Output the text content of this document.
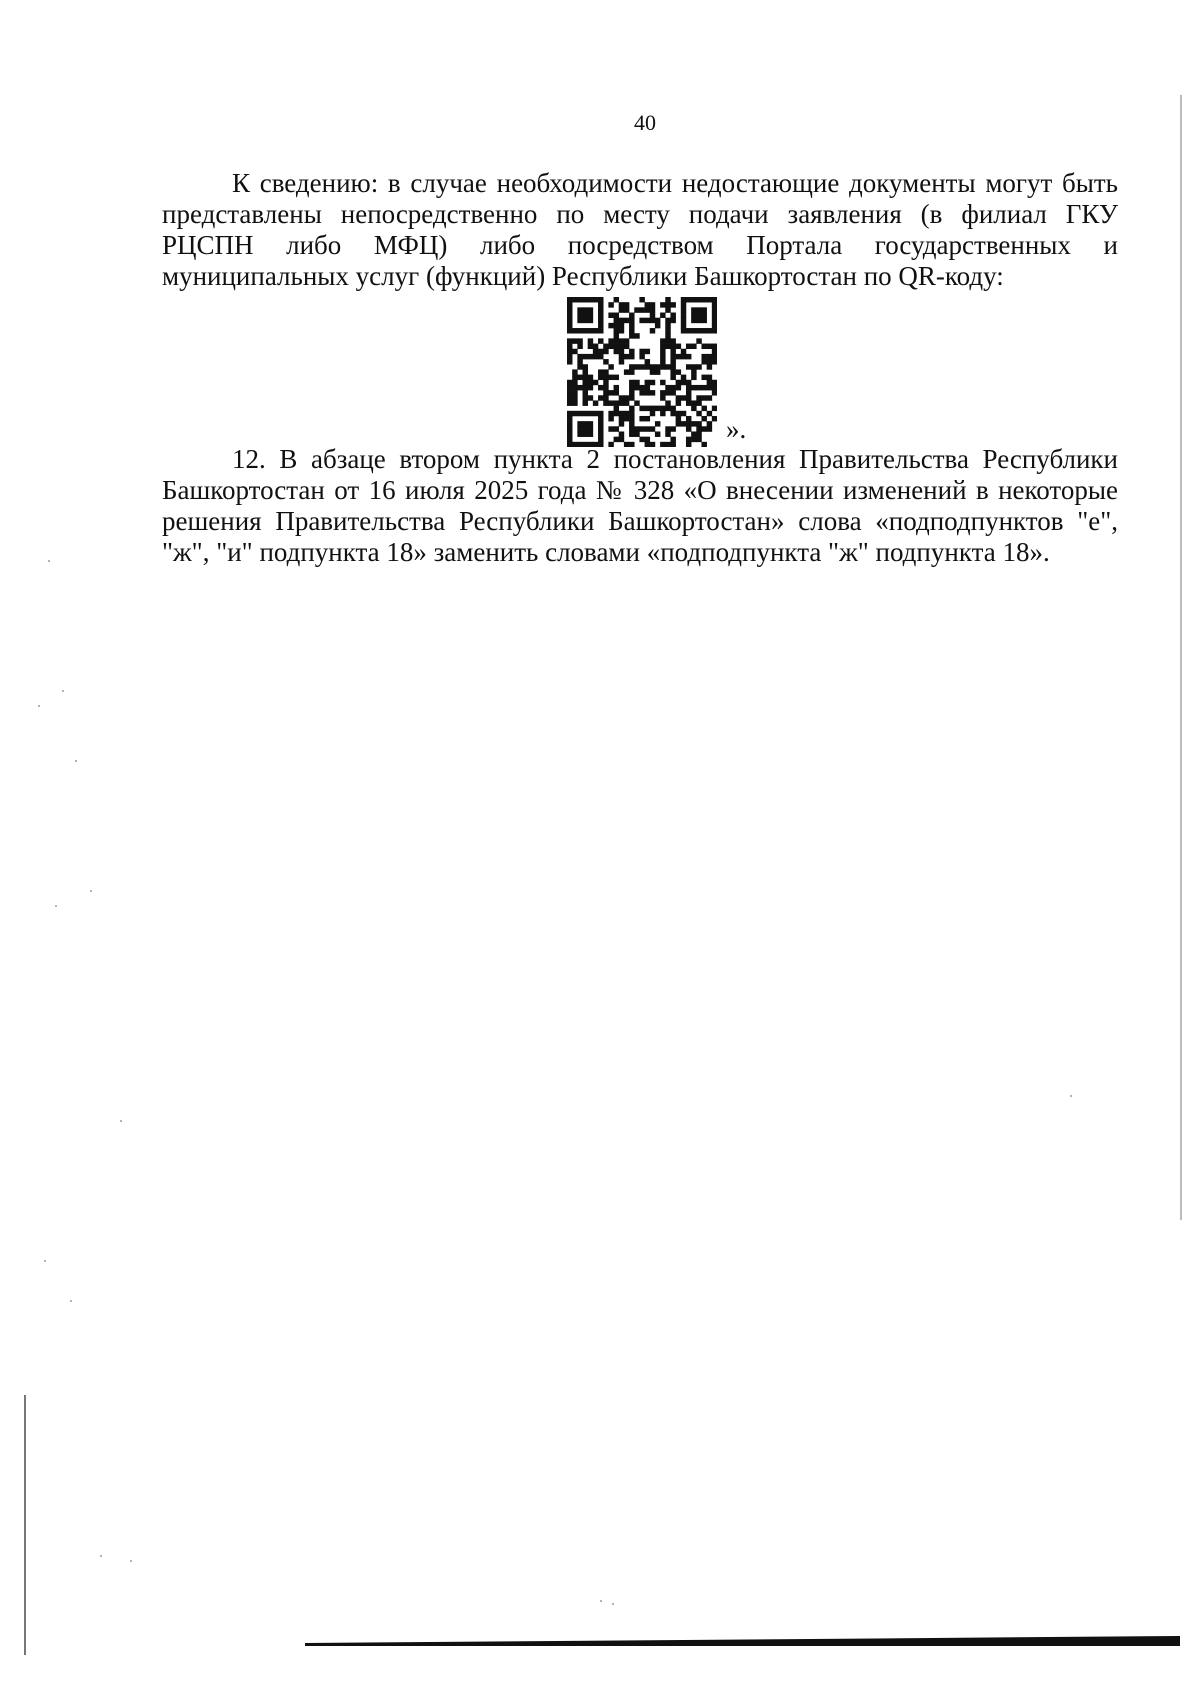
40

К сведению: в случае необходимости недостающие документы могут быть представлены непосредственно по месту подачи заявления (в филиал ГКУ РЦСПН либо МФЦ) либо посредством Портала государственных и муниципальных услуг (функций) Республики Башкортостан по QR-коду:

».

12. В абзаце втором пункта 2 постановления Правительства Республики Башкортостан от 16 июля 2025 года № 328 «О внесении изменений в некоторые решения Правительства Республики Башкортостан» слова «подподпунктов "е", "ж", "и" подпункта 18» заменить словами «подподпункта "ж" подпункта 18».
